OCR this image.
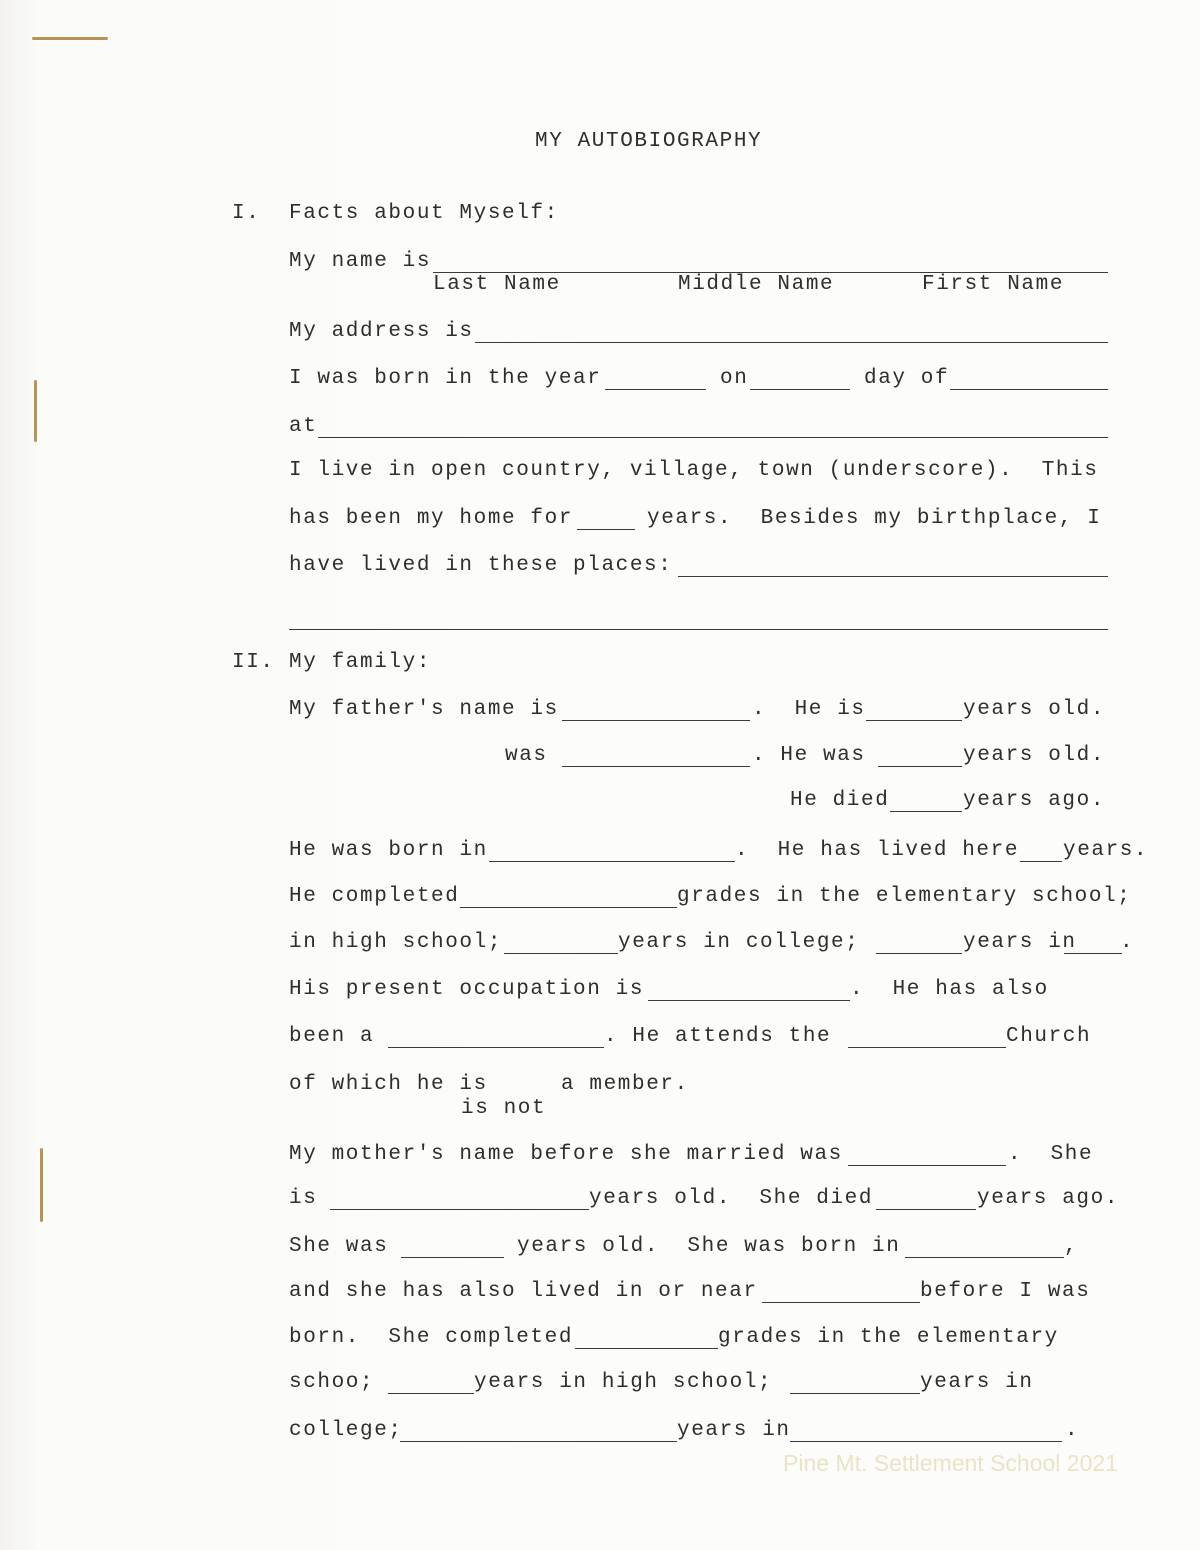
Pine Mt. Settlement School 2021
MY AUTOBIOGRAPHY
I. Facts about Myself:
My name is
Last Name	Middle Name	First Name
My address is
I was born in the year	on	day of
at
I live in open country, village, town (underscore).  This
has been my home for	years.  Besides my birthplace, I
have lived in these places:
II. My family:
My father's name is	.  He is	years old.
was	. He was	years old.
He died	years ago.
He was born in	.  He has lived here years.
He completed	grades in the elementary school;
in high school;	years in college;	years in .
His present occupation is	.  He has also
been a	. He attends the	Church
of which he is	a member.
is not
My mother's name before she married was	.  She
is	years old.  She died	years ago.
She was	years old.  She was born in	,
and she has also lived in or near	before I was
born.  She completed	grades in the elementary
schoo;	years in high school;	years in
college;	years in	.
